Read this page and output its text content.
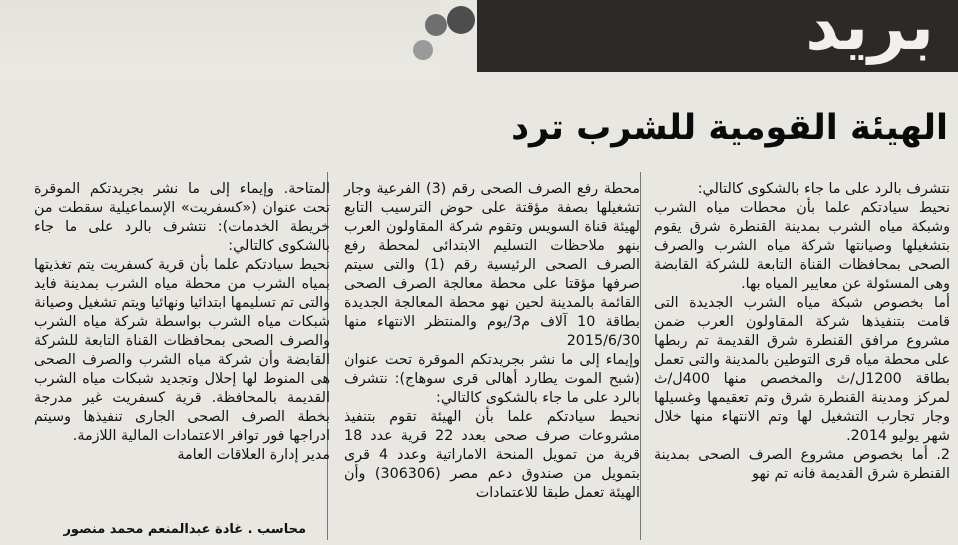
بريد
الهيئة القومية للشرب ترد

نتشرف بالرد على ما جاء بالشكوى كالتالي:

نحيط سيادتكم علما بأن محطات مياه الشرب وشبكة مياه الشرب بمدينة القنطرة شرق يقوم بتشغيلها وصيانتها شركة مياه الشرب والصرف الصحى بمحافظات القناة التابعة للشركة القابضة وهى المسئولة عن معايير المياه بها.

أما بخصوص شبكة مياه الشرب الجديدة التى قامت بتنفيذها شركة المقاولون العرب ضمن مشروع مرافق القنطرة شرق القديمة تم ربطها على محطة مياه قرى التوطين بالمدينة والتى تعمل بطاقة 1200ل/ث والمخصص منها 400ل/ث لمركز ومدينة القنطرة شرق وتم تعقيمها وغسيلها وجار تجارب التشغيل لها وتم الانتهاء منها خلال شهر يوليو 2014.

2. أما بخصوص مشروع الصرف الصحى بمدينة القنطرة شرق القديمة فانه تم نهو

محطة رفع الصرف الصحى رقم (3) الفرعية وجار تشغيلها بصفة مؤقتة على حوض الترسيب التابع لهيئة قناة السويس وتقوم شركة المقاولون العرب بنهو ملاحظات التسليم الابتدائى لمحطة رفع الصرف الصحى الرئيسية رقم (1) والتى سيتم صرفها مؤقتا على محطة معالجة الصرف الصحى القائمة بالمدينة لحين نهو محطة المعالجة الجديدة بطاقة 10 آلاف م3/يوم والمنتظر الانتهاء منها 2015/6/30

وإيماء إلى ما نشر بجريدتكم الموقرة تحت عنوان (شبح الموت يطارد أهالى قرى سوهاج): نتشرف بالرد على ما جاء بالشكوى كالتالي:

نحيط سيادتكم علما بأن الهيئة تقوم بتنفيذ مشروعات صرف صحى بعدد 22 قرية عدد 18 قرية من تمويل المنحة الاماراتية وعدد 4 قرى بتمويل من صندوق دعم مصر (306306) وأن الهيئة تعمل طبقا للاعتمادات

المتاحة. وإيماء إلى ما نشر بجريدتكم الموقرة تحت عنوان («كسفريت» الإسماعيلية سقطت من خريطة الخدمات): نتشرف بالرد على ما جاء بالشكوى كالتالي:

نحيط سيادتكم علما بأن قرية كسفريت يتم تغذيتها بمياه الشرب من محطة مياه الشرب بمدينة فايد والتى تم تسليمها ابتدائيا ونهائيا ويتم تشغيل وصيانة شبكات مياه الشرب بواسطة شركة مياه الشرب والصرف الصحى بمحافظات القناة التابعة للشركة القابضة وأن شركة مياه الشرب والصرف الصحى هى المنوط لها إحلال وتجديد شبكات مياه الشرب القديمة بالمحافظة. قرية كسفريت غير مدرجة بخطة الصرف الصحى الجارى تنفيذها وسيتم ادراجها فور توافر الاعتمادات المالية اللازمة.

مدير إدارة العلاقات العامة

محاسب . غادة عبدالمنعم محمد منصور
